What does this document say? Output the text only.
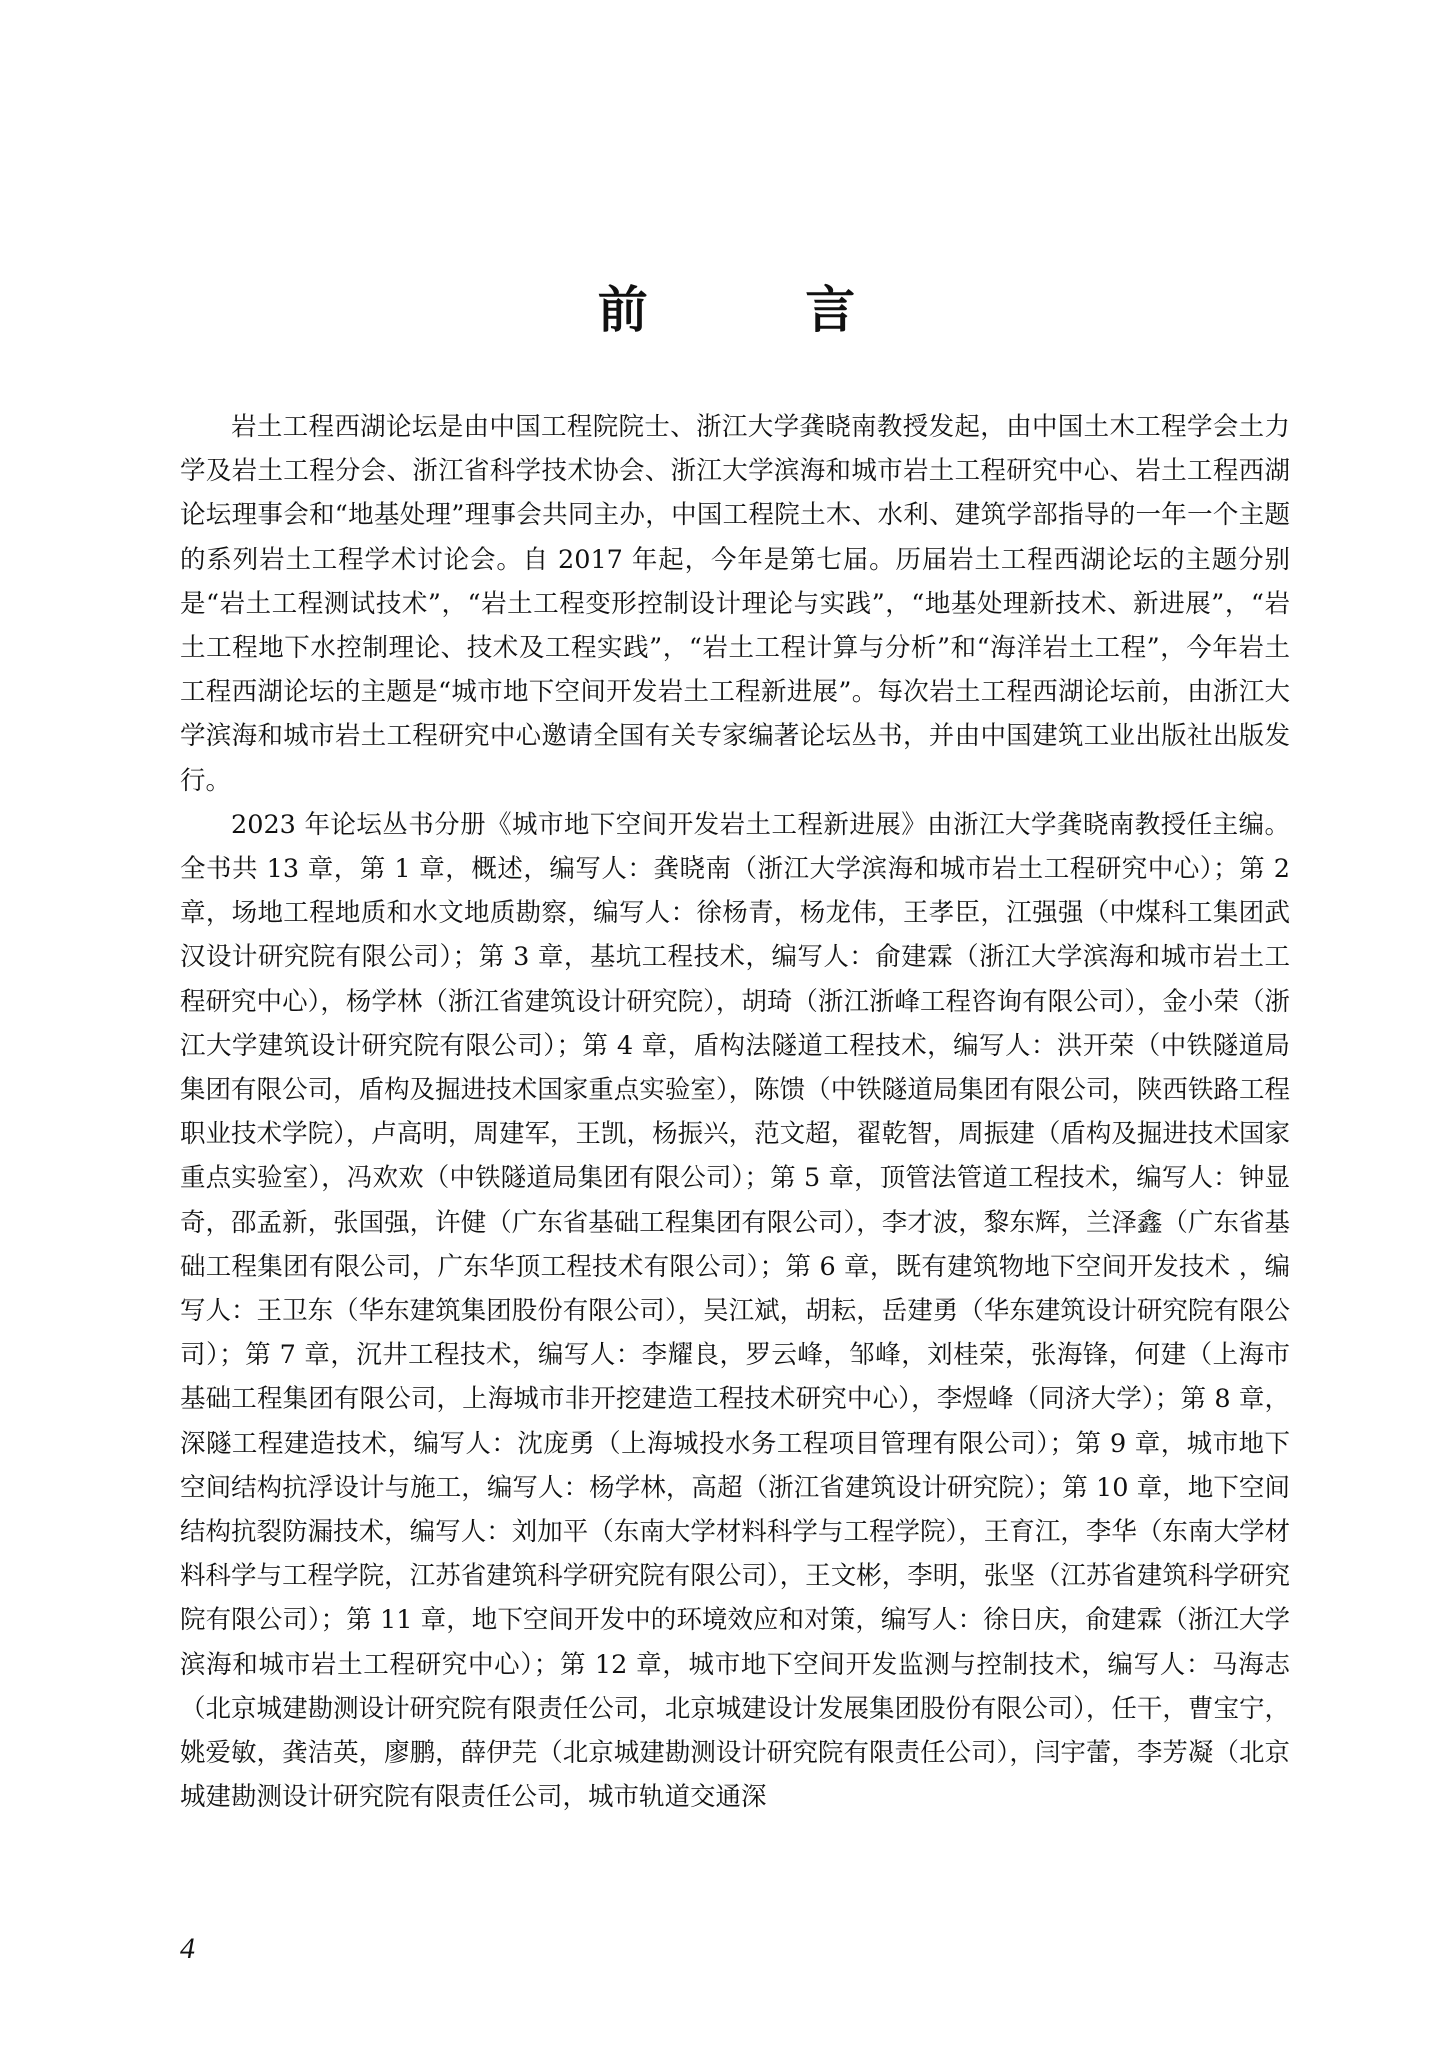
前 言

岩土工程西湖论坛是由中国工程院院士、浙江大学龚晓南教授发起，由中国土木工程学会土力学及岩土工程分会、浙江省科学技术协会、浙江大学滨海和城市岩土工程研究中心、岩土工程西湖论坛理事会和“地基处理”理事会共同主办，中国工程院土木、水利、建筑学部指导的一年一个主题的系列岩土工程学术讨论会。自 2017 年起，今年是第七届。历届岩土工程西湖论坛的主题分别是“岩土工程测试技术”，“岩土工程变形控制设计理论与实践”，“地基处理新技术、新进展”，“岩土工程地下水控制理论、技术及工程实践”，“岩土工程计算与分析”和“海洋岩土工程”，今年岩土工程西湖论坛的主题是“城市地下空间开发岩土工程新进展”。每次岩土工程西湖论坛前，由浙江大学滨海和城市岩土工程研究中心邀请全国有关专家编著论坛丛书，并由中国建筑工业出版社出版发行。

2023 年论坛丛书分册《城市地下空间开发岩土工程新进展》由浙江大学龚晓南教授任主编。全书共 13 章，第 1 章，概述，编写人：龚晓南（浙江大学滨海和城市岩土工程研究中心）；第 2 章，场地工程地质和水文地质勘察，编写人：徐杨青，杨龙伟，王孝臣，江强强（中煤科工集团武汉设计研究院有限公司）；第 3 章，基坑工程技术，编写人：俞建霖（浙江大学滨海和城市岩土工程研究中心），杨学林（浙江省建筑设计研究院），胡琦（浙江浙峰工程咨询有限公司），金小荣（浙江大学建筑设计研究院有限公司）；第 4 章，盾构法隧道工程技术，编写人：洪开荣（中铁隧道局集团有限公司，盾构及掘进技术国家重点实验室），陈馈（中铁隧道局集团有限公司，陕西铁路工程职业技术学院），卢高明，周建军，王凯，杨振兴，范文超，翟乾智，周振建（盾构及掘进技术国家重点实验室），冯欢欢（中铁隧道局集团有限公司）；第 5 章，顶管法管道工程技术，编写人：钟显奇，邵孟新，张国强，许健（广东省基础工程集团有限公司），李才波，黎东辉，兰泽鑫（广东省基础工程集团有限公司，广东华顶工程技术有限公司）；第 6 章，既有建筑物地下空间开发技术 ，编写人：王卫东（华东建筑集团股份有限公司），吴江斌，胡耘，岳建勇（华东建筑设计研究院有限公司）；第 7 章，沉井工程技术，编写人：李耀良，罗云峰，邹峰，刘桂荣，张海锋，何建（上海市基础工程集团有限公司，上海城市非开挖建造工程技术研究中心），李煜峰（同济大学）；第 8 章，深隧工程建造技术，编写人：沈庞勇（上海城投水务工程项目管理有限公司）；第 9 章，城市地下空间结构抗浮设计与施工，编写人：杨学林，高超（浙江省建筑设计研究院）；第 10 章，地下空间结构抗裂防漏技术，编写人：刘加平（东南大学材料科学与工程学院），王育江，李华（东南大学材料科学与工程学院，江苏省建筑科学研究院有限公司），王文彬，李明，张坚（江苏省建筑科学研究院有限公司）；第 11 章，地下空间开发中的环境效应和对策，编写人：徐日庆，俞建霖（浙江大学滨海和城市岩土工程研究中心）；第 12 章，城市地下空间开发监测与控制技术，编写人：马海志（北京城建勘测设计研究院有限责任公司，北京城建设计发展集团股份有限公司），任干，曹宝宁，姚爱敏，龚洁英，廖鹏，薛伊芫（北京城建勘测设计研究院有限责任公司），闫宇蕾，李芳凝（北京城建勘测设计研究院有限责任公司，城市轨道交通深

4
